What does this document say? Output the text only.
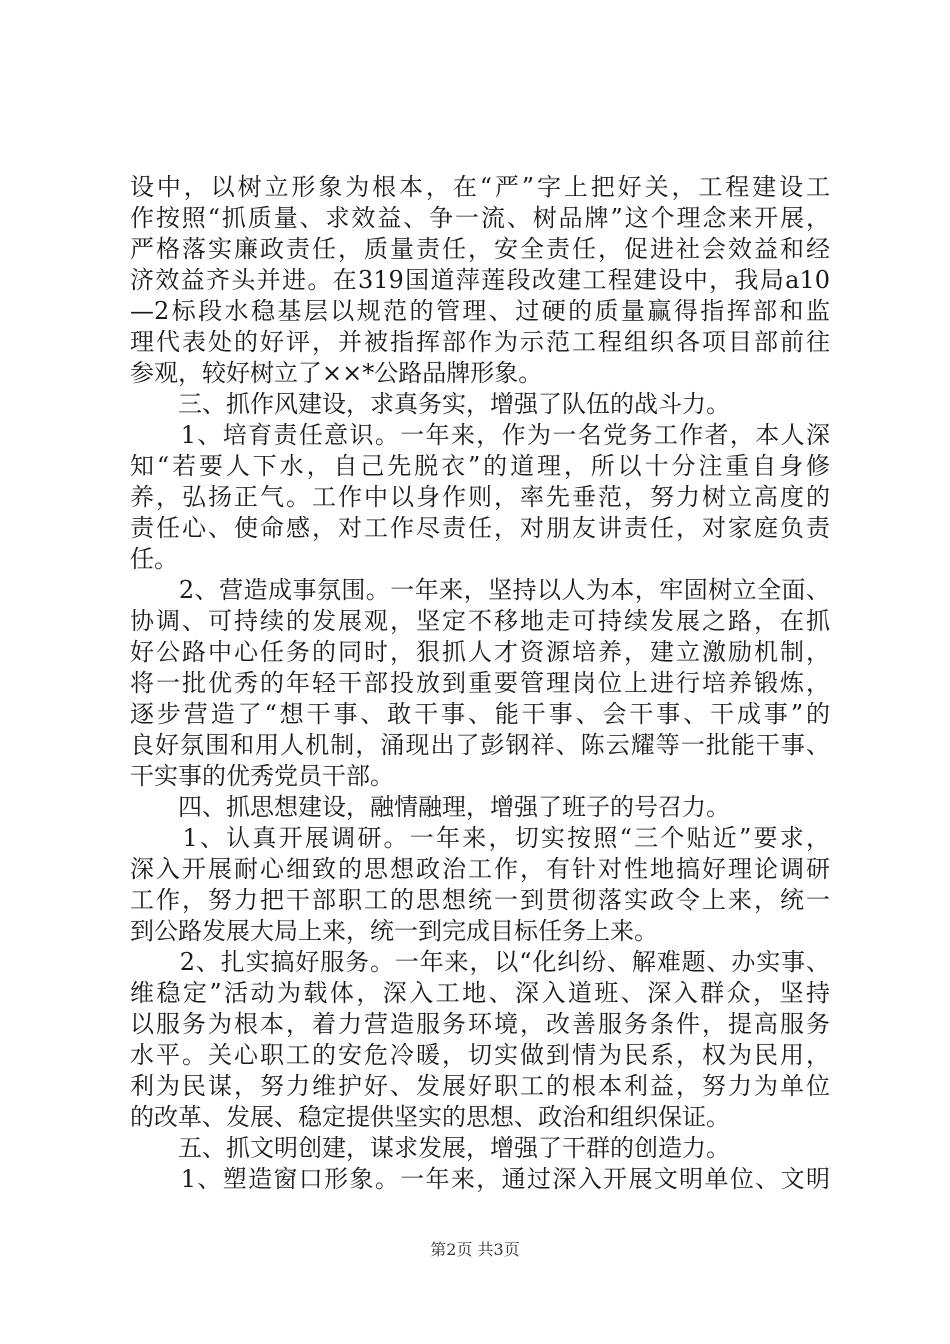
设中，以树立形象为根本，在“严”字上把好关，工程建设工
作按照“抓质量、求效益、争一流、树品牌”这个理念来开展，
严格落实廉政责任，质量责任，安全责任，促进社会效益和经
济效益齐头并进。在319国道萍莲段改建工程建设中，我局a10
—2标段水稳基层以规范的管理、过硬的质量赢得指挥部和监
理代表处的好评，并被指挥部作为示范工程组织各项目部前往
参观，较好树立了××*公路品牌形象。
　　三、抓作风建设，求真务实，增强了队伍的战斗力。
　　1、培育责任意识。一年来，作为一名党务工作者，本人深
知“若要人下水，自己先脱衣”的道理，所以十分注重自身修
养，弘扬正气。工作中以身作则，率先垂范，努力树立高度的
责任心、使命感，对工作尽责任，对朋友讲责任，对家庭负责
任。
　　2、营造成事氛围。一年来，坚持以人为本，牢固树立全面、
协调、可持续的发展观，坚定不移地走可持续发展之路，在抓
好公路中心任务的同时，狠抓人才资源培养，建立激励机制，
将一批优秀的年轻干部投放到重要管理岗位上进行培养锻炼，
逐步营造了“想干事、敢干事、能干事、会干事、干成事”的
良好氛围和用人机制，涌现出了彭钢祥、陈云耀等一批能干事、
干实事的优秀党员干部。
　　四、抓思想建设，融情融理，增强了班子的号召力。
　　1、认真开展调研。一年来，切实按照“三个贴近”要求，
深入开展耐心细致的思想政治工作，有针对性地搞好理论调研
工作，努力把干部职工的思想统一到贯彻落实政令上来，统一
到公路发展大局上来，统一到完成目标任务上来。
　　2、扎实搞好服务。一年来，以“化纠纷、解难题、办实事、
维稳定”活动为载体，深入工地、深入道班、深入群众，坚持
以服务为根本，着力营造服务环境，改善服务条件，提高服务
水平。关心职工的安危冷暖，切实做到情为民系，权为民用，
利为民谋，努力维护好、发展好职工的根本利益，努力为单位
的改革、发展、稳定提供坚实的思想、政治和组织保证。
　　五、抓文明创建，谋求发展，增强了干群的创造力。
　　1、塑造窗口形象。一年来，通过深入开展文明单位、文明
第2页 共3页
